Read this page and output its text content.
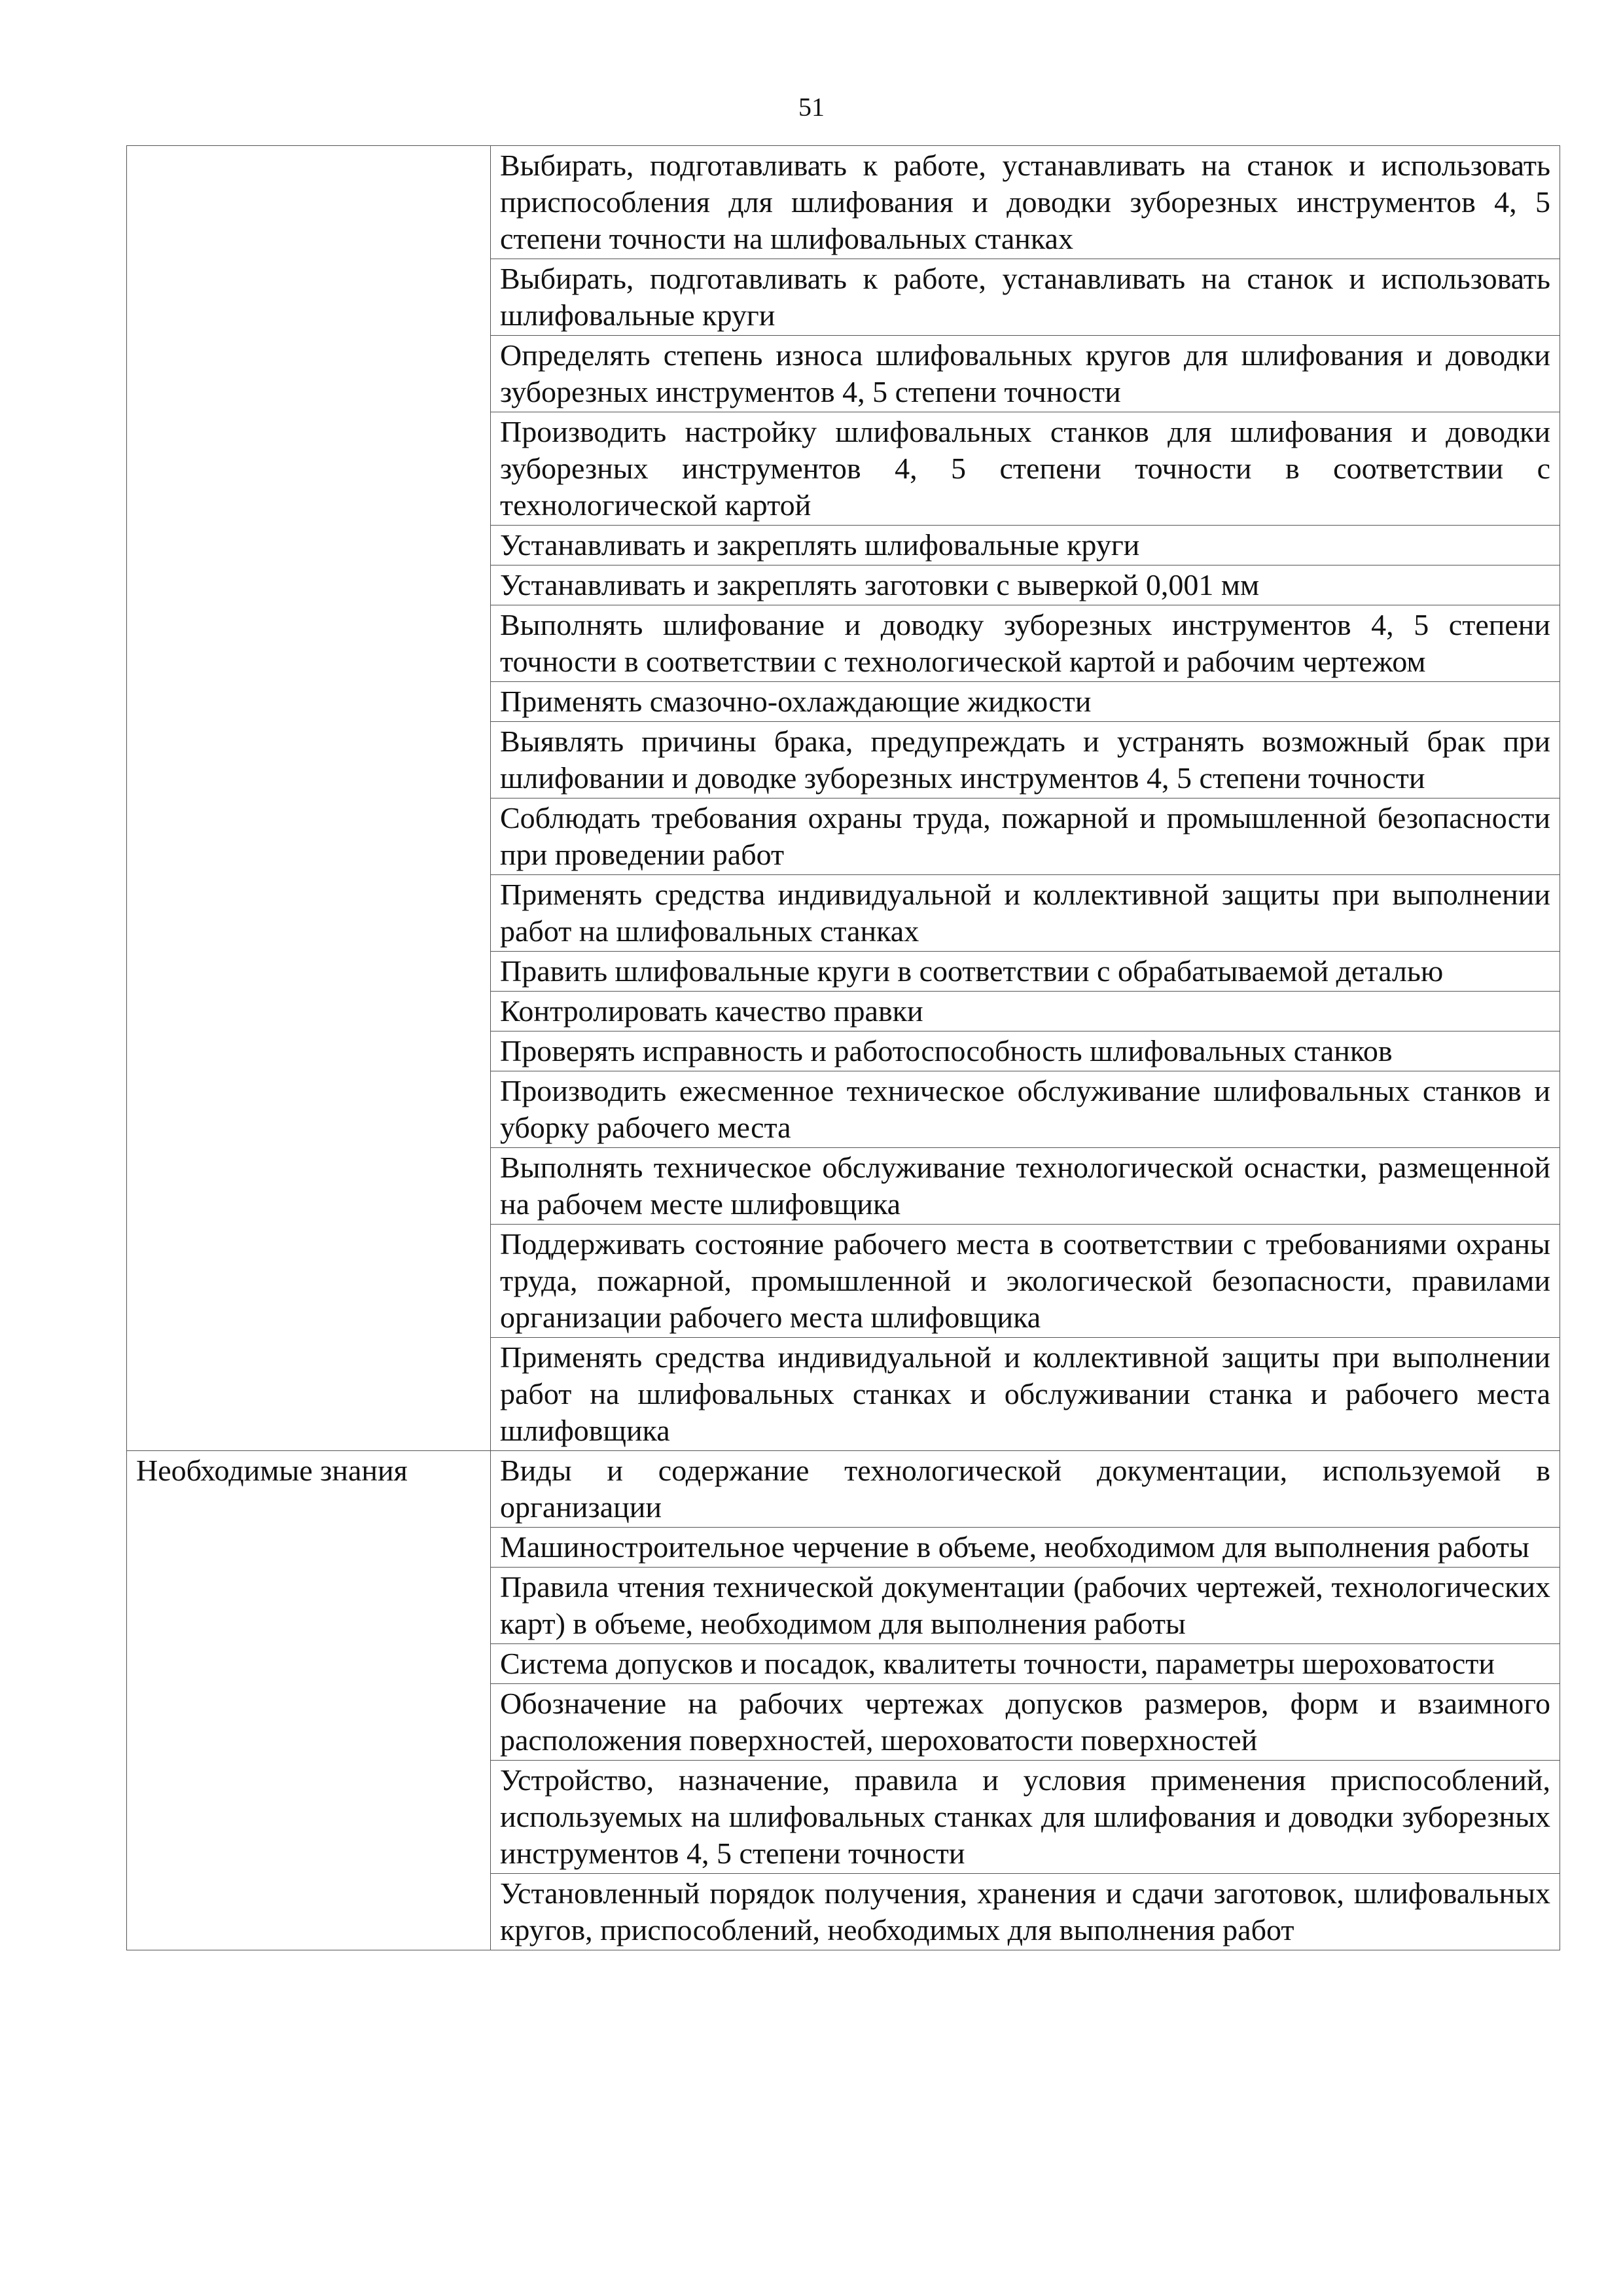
51
	Выбирать, подготавливать к работе, устанавливать на станок и использовать приспособления для шлифования и доводки зуборезных инструментов 4, 5 степени точности на шлифовальных станках
	Выбирать, подготавливать к работе, устанавливать на станок и использовать шлифовальные круги
	Определять степень износа шлифовальных кругов для шлифования и доводки зуборезных инструментов 4, 5 степени точности
	Производить настройку шлифовальных станков для шлифования и доводки зуборезных инструментов 4, 5 степени точности в соответствии с технологической картой
	Устанавливать и закреплять шлифовальные круги
	Устанавливать и закреплять заготовки с выверкой 0,001 мм
	Выполнять шлифование и доводку зуборезных инструментов 4, 5 степени точности в соответствии с технологической картой и рабочим чертежом
	Применять смазочно-охлаждающие жидкости
	Выявлять причины брака, предупреждать и устранять возможный брак при шлифовании и доводке зуборезных инструментов 4, 5 степени точности
	Соблюдать требования охраны труда, пожарной и промышленной безопасности при проведении работ
	Применять средства индивидуальной и коллективной защиты при выполнении работ на шлифовальных станках
	Править шлифовальные круги в соответствии с обрабатываемой деталью
	Контролировать качество правки
	Проверять исправность и работоспособность шлифовальных станков
	Производить ежесменное техническое обслуживание шлифовальных станков и уборку рабочего места
	Выполнять техническое обслуживание технологической оснастки, размещенной на рабочем месте шлифовщика
	Поддерживать состояние рабочего места в соответствии с требованиями охраны труда, пожарной, промышленной и экологической безопасности, правилами организации рабочего места шлифовщика
	Применять средства индивидуальной и коллективной защиты при выполнении работ на шлифовальных станках и обслуживании станка и рабочего места шлифовщика
Необходимые знания	Виды и содержание технологической документации, используемой в организации
	Машиностроительное черчение в объеме, необходимом для выполнения работы
	Правила чтения технической документации (рабочих чертежей, технологических карт) в объеме, необходимом для выполнения работы
	Система допусков и посадок, квалитеты точности, параметры шероховатости
	Обозначение на рабочих чертежах допусков размеров, форм и взаимного расположения поверхностей, шероховатости поверхностей
	Устройство, назначение, правила и условия применения приспособлений, используемых на шлифовальных станках для шлифования и доводки зуборезных инструментов 4, 5 степени точности
	Установленный порядок получения, хранения и сдачи заготовок, шлифовальных кругов, приспособлений, необходимых для выполнения работ
